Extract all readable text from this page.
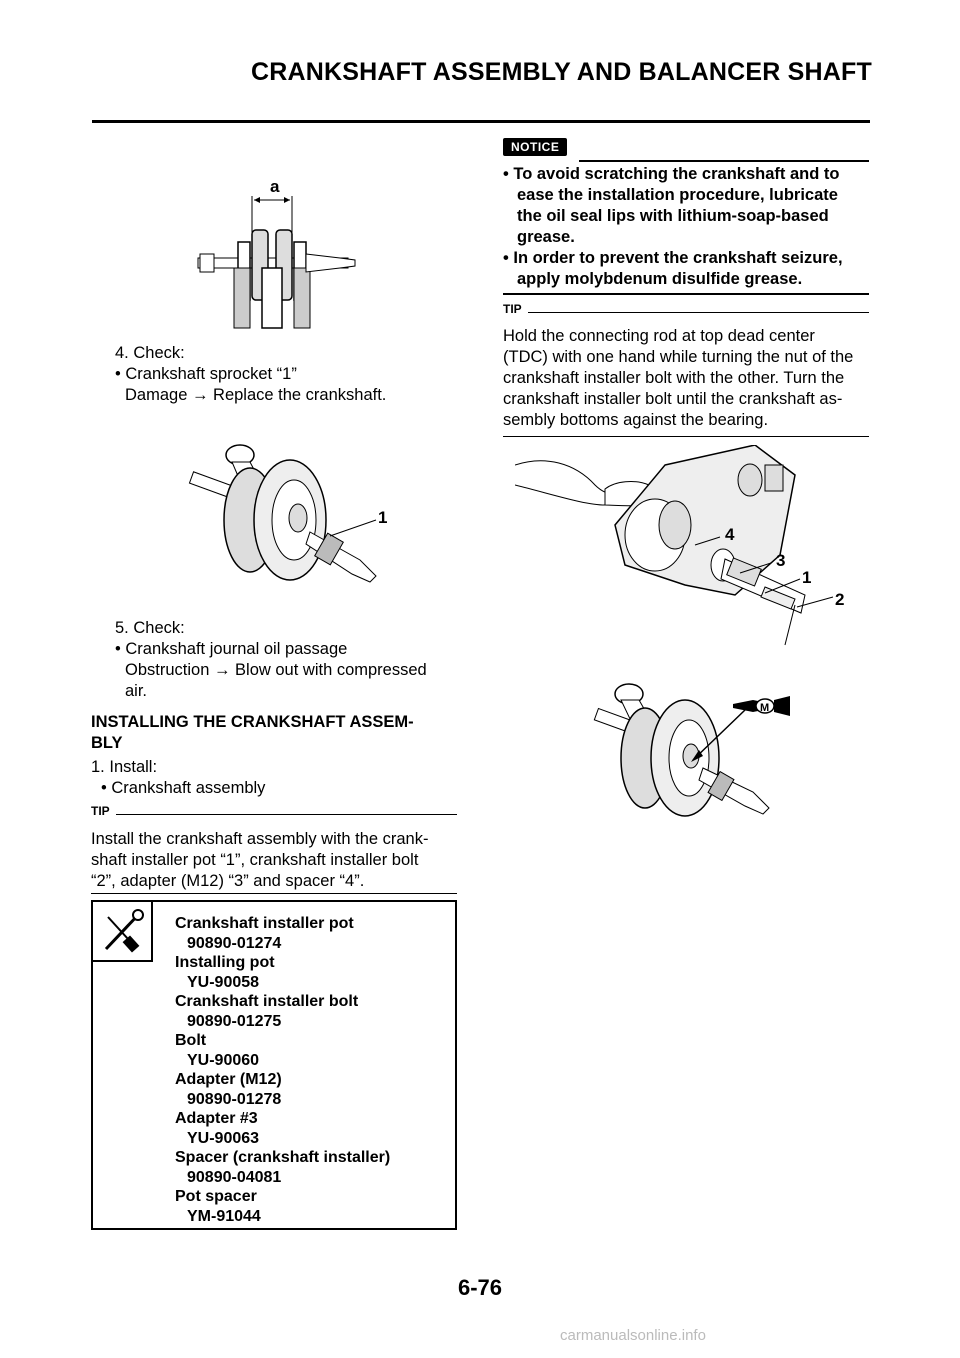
CRANKSHAFT ASSEMBLY AND BALANCER SHAFT
a
4. Check:
• Crankshaft sprocket “1”
Damage → Replace the crankshaft.
1
5. Check:
• Crankshaft journal oil passage
Obstruction → Blow out with compressed
air.
INSTALLING THE CRANKSHAFT ASSEM-
BLY
1. Install:
• Crankshaft assembly
TIP
Install the crankshaft assembly with the crank-
shaft installer pot “1”, crankshaft installer bolt
“2”, adapter (M12) “3” and spacer “4”.
Crankshaft installer pot
90890-01274
Installing pot
YU-90058
Crankshaft installer bolt
90890-01275
Bolt
YU-90060
Adapter (M12)
90890-01278
Adapter #3
YU-90063
Spacer (crankshaft installer)
90890-04081
Pot spacer
YM-91044
NOTICE
• To avoid scratching the crankshaft and to
ease the installation procedure, lubricate
the oil seal lips with lithium-soap-based
grease.
• In order to prevent the crankshaft seizure,
apply molybdenum disulfide grease.
TIP
Hold the connecting rod at top dead center
(TDC) with one hand while turning the nut of the
crankshaft installer bolt with the other. Turn the
crankshaft installer bolt until the crankshaft as-
sembly bottoms against the bearing.
4
3
1
2
M
6-76
carmanualsonline.info
